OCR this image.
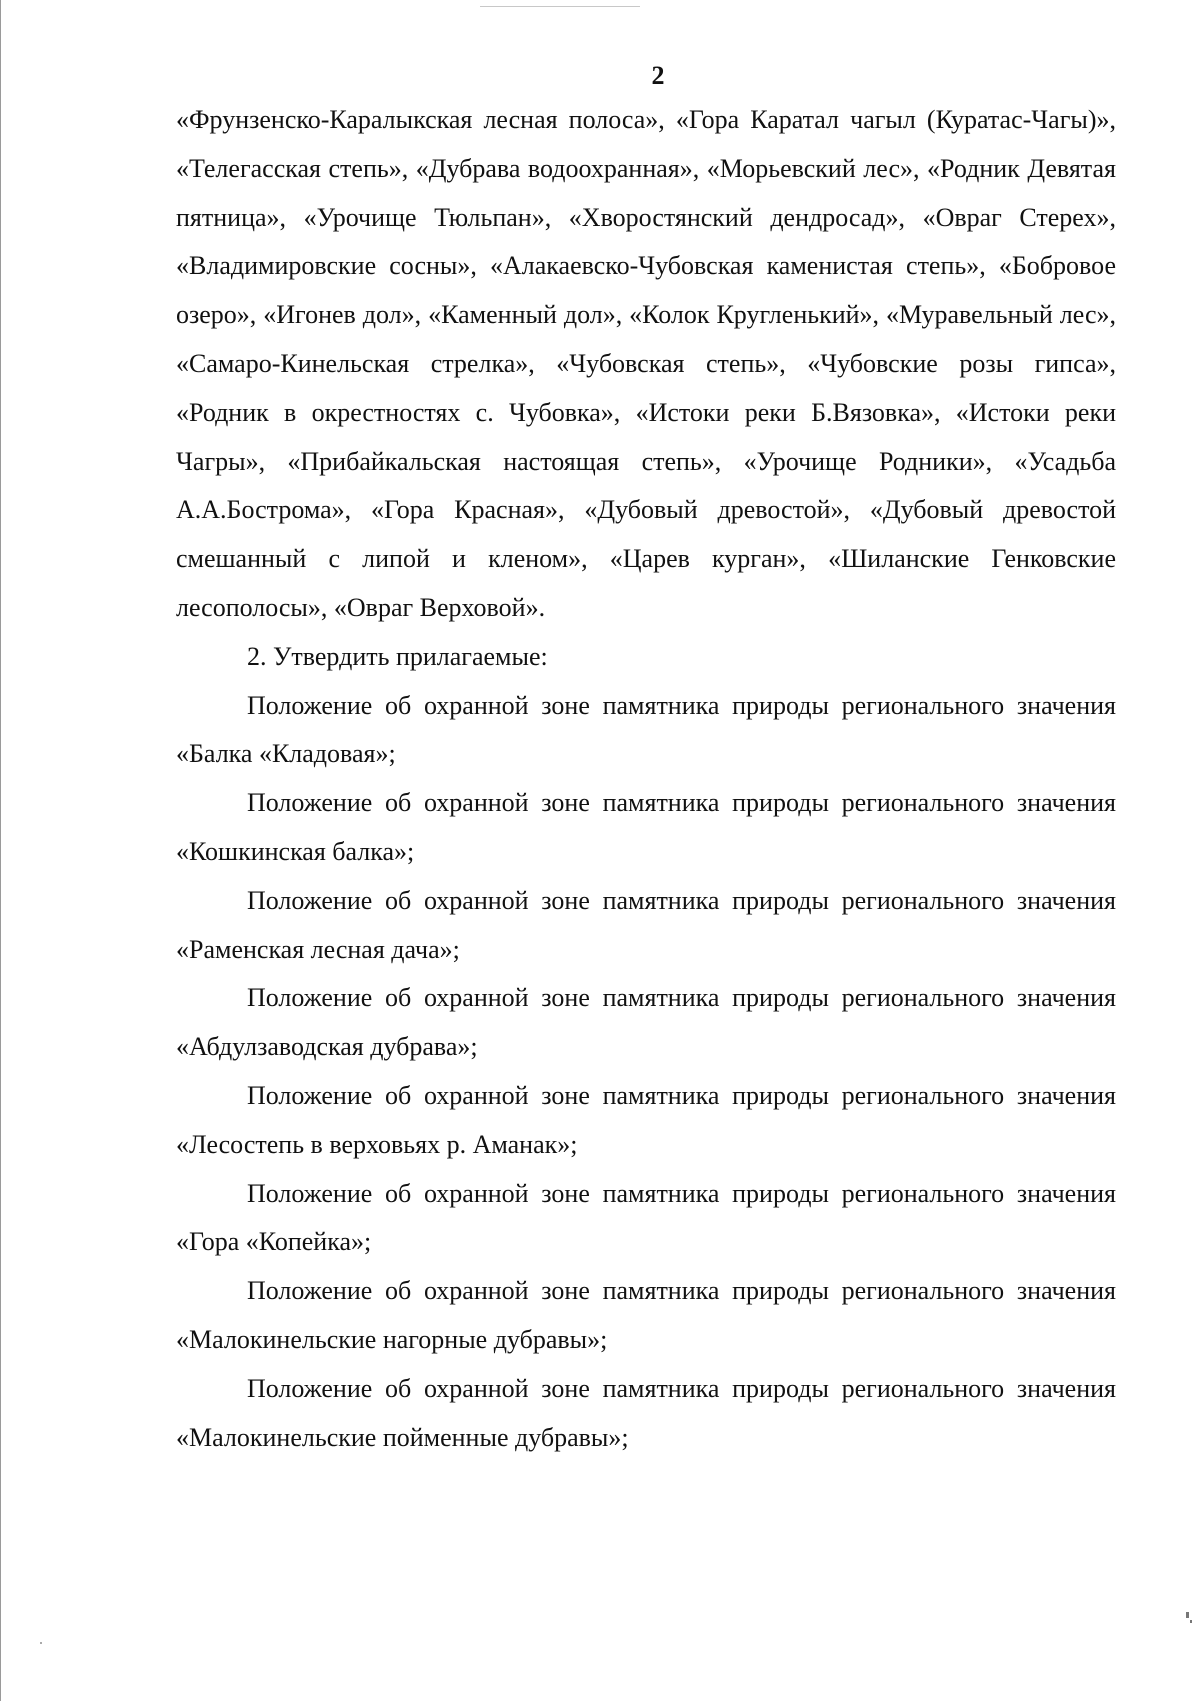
2

«Фрунзенско-Каралыкская лесная полоса», «Гора Каратал чагыл (Куратас-Чагы)», «Телегасская степь», «Дубрава водоохранная», «Морьевский лес», «Родник Девятая пятница», «Урочище Тюльпан», «Хворостянский дендросад», «Овраг Стерех», «Владимировские сосны», «Алакаевско-Чубовская каменистая степь», «Бобровое озеро», «Игонев дол», «Каменный дол», «Колок Кругленький», «Муравельный лес», «Самаро-Кинельская стрелка», «Чубовская степь», «Чубовские розы гипса», «Родник в окрестностях с. Чубовка», «Истоки реки Б.Вязовка», «Истоки реки Чагры», «Прибайкальская настоящая степь», «Урочище Родники», «Усадьба А.А.Бострома», «Гора Красная», «Дубовый древостой», «Дубовый древостой смешанный с липой и кленом», «Царев курган», «Шиланские Генковские лесополосы», «Овраг Верховой».

2. Утвердить прилагаемые:

Положение об охранной зоне памятника природы регионального значения «Балка «Кладовая»;

Положение об охранной зоне памятника природы регионального значения «Кошкинская балка»;

Положение об охранной зоне памятника природы регионального значения «Раменская лесная дача»;

Положение об охранной зоне памятника природы регионального значения «Абдулзаводская дубрава»;

Положение об охранной зоне памятника природы регионального значения «Лесостепь в верховьях р. Аманак»;

Положение об охранной зоне памятника природы регионального значения «Гора «Копейка»;

Положение об охранной зоне памятника природы регионального значения «Малокинельские нагорные дубравы»;

Положение об охранной зоне памятника природы регионального значения «Малокинельские пойменные дубравы»;
